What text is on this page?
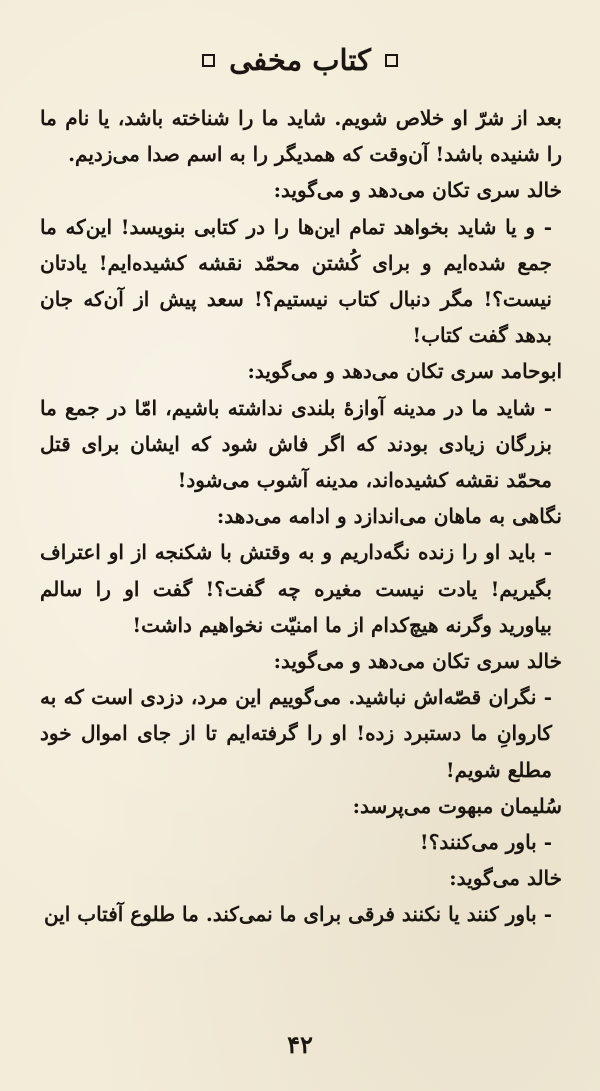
کتاب مخفی

بعد از شرّ او خلاص شویم. شاید ما را شناخته باشد، یا نام ما را شنیده باشد! آن‌وقت که همدیگر را به اسم صدا می‌زدیم.

خالد سری تکان می‌دهد و می‌گوید:

- و یا شاید بخواهد تمام این‌ها را در کتابی بنویسد! این‌که ما جمع شده‌ایم و برای کُشتن محمّد نقشه کشیده‌ایم! یادتان نیست؟! مگر دنبال کتاب نیستیم؟! سعد پیش از آن‌که جان بدهد گفت کتاب!

ابوحامد سری تکان می‌دهد و می‌گوید:

- شاید ما در مدینه آوازهٔ بلندی نداشته باشیم، امّا در جمع ما بزرگان زیادی بودند که اگر فاش شود که ایشان برای قتل محمّد نقشه کشیده‌اند، مدینه آشوب می‌شود!

نگاهی به ماهان می‌اندازد و ادامه می‌دهد:

- باید او را زنده نگه‌داریم و به وقتش با شکنجه از او اعتراف بگیریم! یادت نیست مغیره چه گفت؟! گفت او را سالم بیاورید وگرنه هیچ‌کدام از ما امنیّت نخواهیم داشت!

خالد سری تکان می‌دهد و می‌گوید:

- نگران قصّه‌اش نباشید. می‌گوییم این مرد، دزدی است که به کاروانِ ما دستبرد زده! او را گرفته‌ایم تا از جای اموال خود مطلع شویم!

سُلیمان مبهوت می‌پرسد:

- باور می‌کنند؟!

خالد می‌گوید:

- باور کنند یا نکنند فرقی برای ما نمی‌کند. ما طلوع آفتاب این

۴۲
